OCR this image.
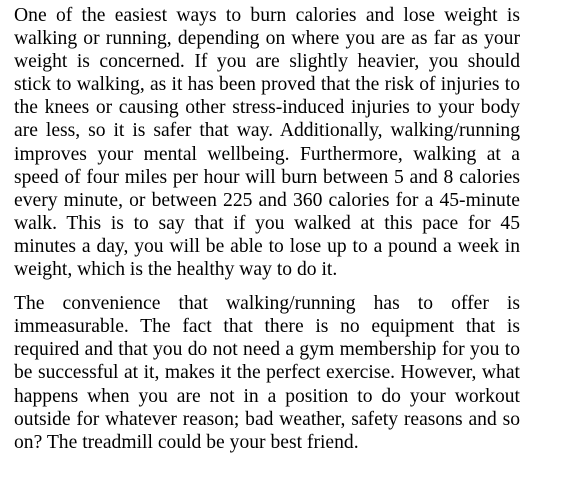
One of the easiest ways to burn calories and lose weight is walking or running, depending on where you are as far as your weight is concerned. If you are slightly heavier, you should stick to walking, as it has been proved that the risk of injuries to the knees or causing other stress-induced injuries to your body are less, so it is safer that way. Additionally, walking/running improves your mental wellbeing. Furthermore, walking at a speed of four miles per hour will burn between 5 and 8 calories every minute, or between 225 and 360 calories for a 45-minute walk. This is to say that if you walked at this pace for 45 minutes a day, you will be able to lose up to a pound a week in weight, which is the healthy way to do it.

The convenience that walking/running has to offer is immeasurable. The fact that there is no equipment that is required and that you do not need a gym membership for you to be successful at it, makes it the perfect exercise. However, what happens when you are not in a position to do your workout outside for whatever reason; bad weather, safety reasons and so on? The treadmill could be your best friend.
